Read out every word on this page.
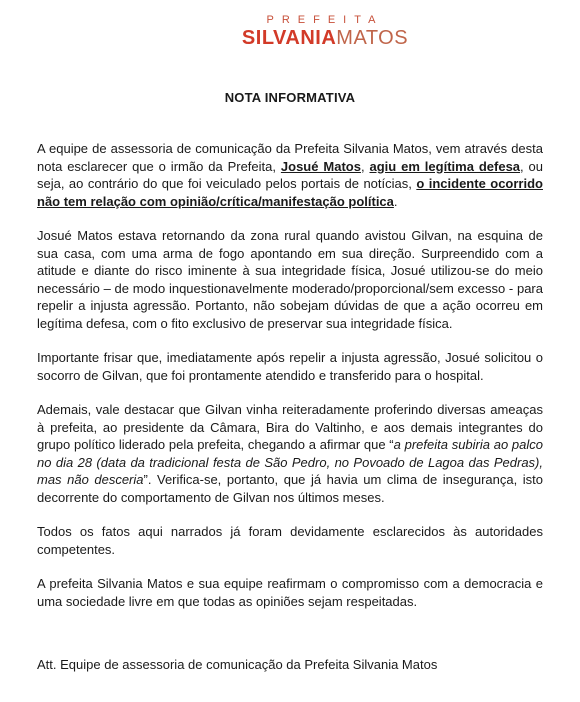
PREFEITA
SILVANIAMATOS
NOTA INFORMATIVA

A equipe de assessoria de comunicação da Prefeita Silvania Matos, vem através desta nota esclarecer que o irmão da Prefeita, Josué Matos, agiu em legítima defesa, ou seja, ao contrário do que foi veiculado pelos portais de notícias, o incidente ocorrido não tem relação com opinião/crítica/manifestação política.

Josué Matos estava retornando da zona rural quando avistou Gilvan, na esquina de sua casa, com uma arma de fogo apontando em sua direção. Surpreendido com a atitude e diante do risco iminente à sua integridade física, Josué utilizou-se do meio necessário – de modo inquestionavelmente moderado/proporcional/sem excesso - para repelir a injusta agressão. Portanto, não sobejam dúvidas de que a ação ocorreu em legítima defesa, com o fito exclusivo de preservar sua integridade física.

Importante frisar que, imediatamente após repelir a injusta agressão, Josué solicitou o socorro de Gilvan, que foi prontamente atendido e transferido para o hospital.

Ademais, vale destacar que Gilvan vinha reiteradamente proferindo diversas ameaças à prefeita, ao presidente da Câmara, Bira do Valtinho, e aos demais integrantes do grupo político liderado pela prefeita, chegando a afirmar que “a prefeita subiria ao palco no dia 28 (data da tradicional festa de São Pedro, no Povoado de Lagoa das Pedras), mas não desceria”. Verifica-se, portanto, que já havia um clima de insegurança, isto decorrente do comportamento de Gilvan nos últimos meses.

Todos os fatos aqui narrados já foram devidamente esclarecidos às autoridades competentes.

A prefeita Silvania Matos e sua equipe reafirmam o compromisso com a democracia e uma sociedade livre em que todas as opiniões sejam respeitadas.

Att. Equipe de assessoria de comunicação da Prefeita Silvania Matos
